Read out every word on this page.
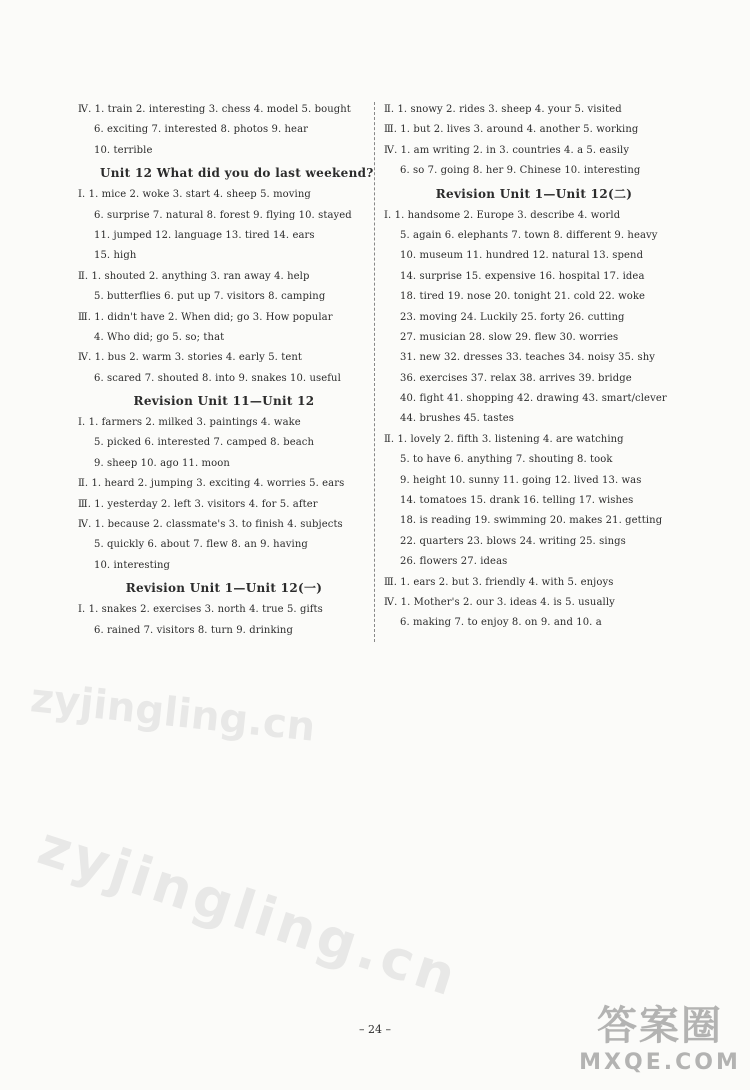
Ⅳ. 1. train 2. interesting 3. chess 4. model 5. bought
6. exciting 7. interested 8. photos 9. hear
10. terrible
Unit 12 What did you do last weekend?
Ⅰ. 1. mice 2. woke 3. start 4. sheep 5. moving
6. surprise 7. natural 8. forest 9. flying 10. stayed
11. jumped 12. language 13. tired 14. ears
15. high
Ⅱ. 1. shouted 2. anything 3. ran away 4. help
5. butterflies 6. put up 7. visitors 8. camping
Ⅲ. 1. didn't have 2. When did; go 3. How popular
4. Who did; go 5. so; that
Ⅳ. 1. bus 2. warm 3. stories 4. early 5. tent
6. scared 7. shouted 8. into 9. snakes 10. useful
Revision Unit 11—Unit 12
Ⅰ. 1. farmers 2. milked 3. paintings 4. wake
5. picked 6. interested 7. camped 8. beach
9. sheep 10. ago 11. moon
Ⅱ. 1. heard 2. jumping 3. exciting 4. worries 5. ears
Ⅲ. 1. yesterday 2. left 3. visitors 4. for 5. after
Ⅳ. 1. because 2. classmate's 3. to finish 4. subjects
5. quickly 6. about 7. flew 8. an 9. having
10. interesting
Revision Unit 1—Unit 12(一)
Ⅰ. 1. snakes 2. exercises 3. north 4. true 5. gifts
6. rained 7. visitors 8. turn 9. drinking
Ⅱ. 1. snowy 2. rides 3. sheep 4. your 5. visited
Ⅲ. 1. but 2. lives 3. around 4. another 5. working
Ⅳ. 1. am writing 2. in 3. countries 4. a 5. easily
6. so 7. going 8. her 9. Chinese 10. interesting
Revision Unit 1—Unit 12(二)
Ⅰ. 1. handsome 2. Europe 3. describe 4. world
5. again 6. elephants 7. town 8. different 9. heavy
10. museum 11. hundred 12. natural 13. spend
14. surprise 15. expensive 16. hospital 17. idea
18. tired 19. nose 20. tonight 21. cold 22. woke
23. moving 24. Luckily 25. forty 26. cutting
27. musician 28. slow 29. flew 30. worries
31. new 32. dresses 33. teaches 34. noisy 35. shy
36. exercises 37. relax 38. arrives 39. bridge
40. fight 41. shopping 42. drawing 43. smart/clever
44. brushes 45. tastes
Ⅱ. 1. lovely 2. fifth 3. listening 4. are watching
5. to have 6. anything 7. shouting 8. took
9. height 10. sunny 11. going 12. lived 13. was
14. tomatoes 15. drank 16. telling 17. wishes
18. is reading 19. swimming 20. makes 21. getting
22. quarters 23. blows 24. writing 25. sings
26. flowers 27. ideas
Ⅲ. 1. ears 2. but 3. friendly 4. with 5. enjoys
Ⅳ. 1. Mother's 2. our 3. ideas 4. is 5. usually
6. making 7. to enjoy 8. on 9. and 10. a
zyjingling.cn
zyjingling.cn
– 24 –	答案圈
MXQE.COM
